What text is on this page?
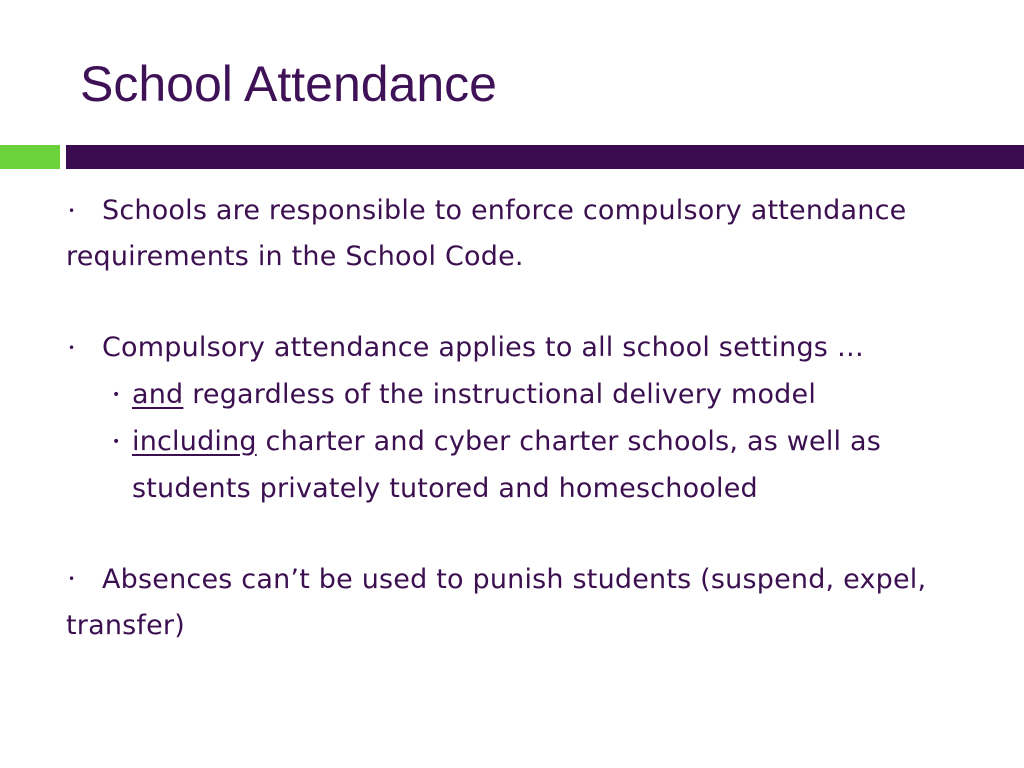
School Attendance

• Schools are responsible to enforce compulsory attendance requirements in the School Code.

• Compulsory attendance applies to all school settings …

• and regardless of the instructional delivery model

• including charter and cyber charter schools, as well as students privately tutored and homeschooled

• Absences can’t be used to punish students (suspend, expel, transfer)
